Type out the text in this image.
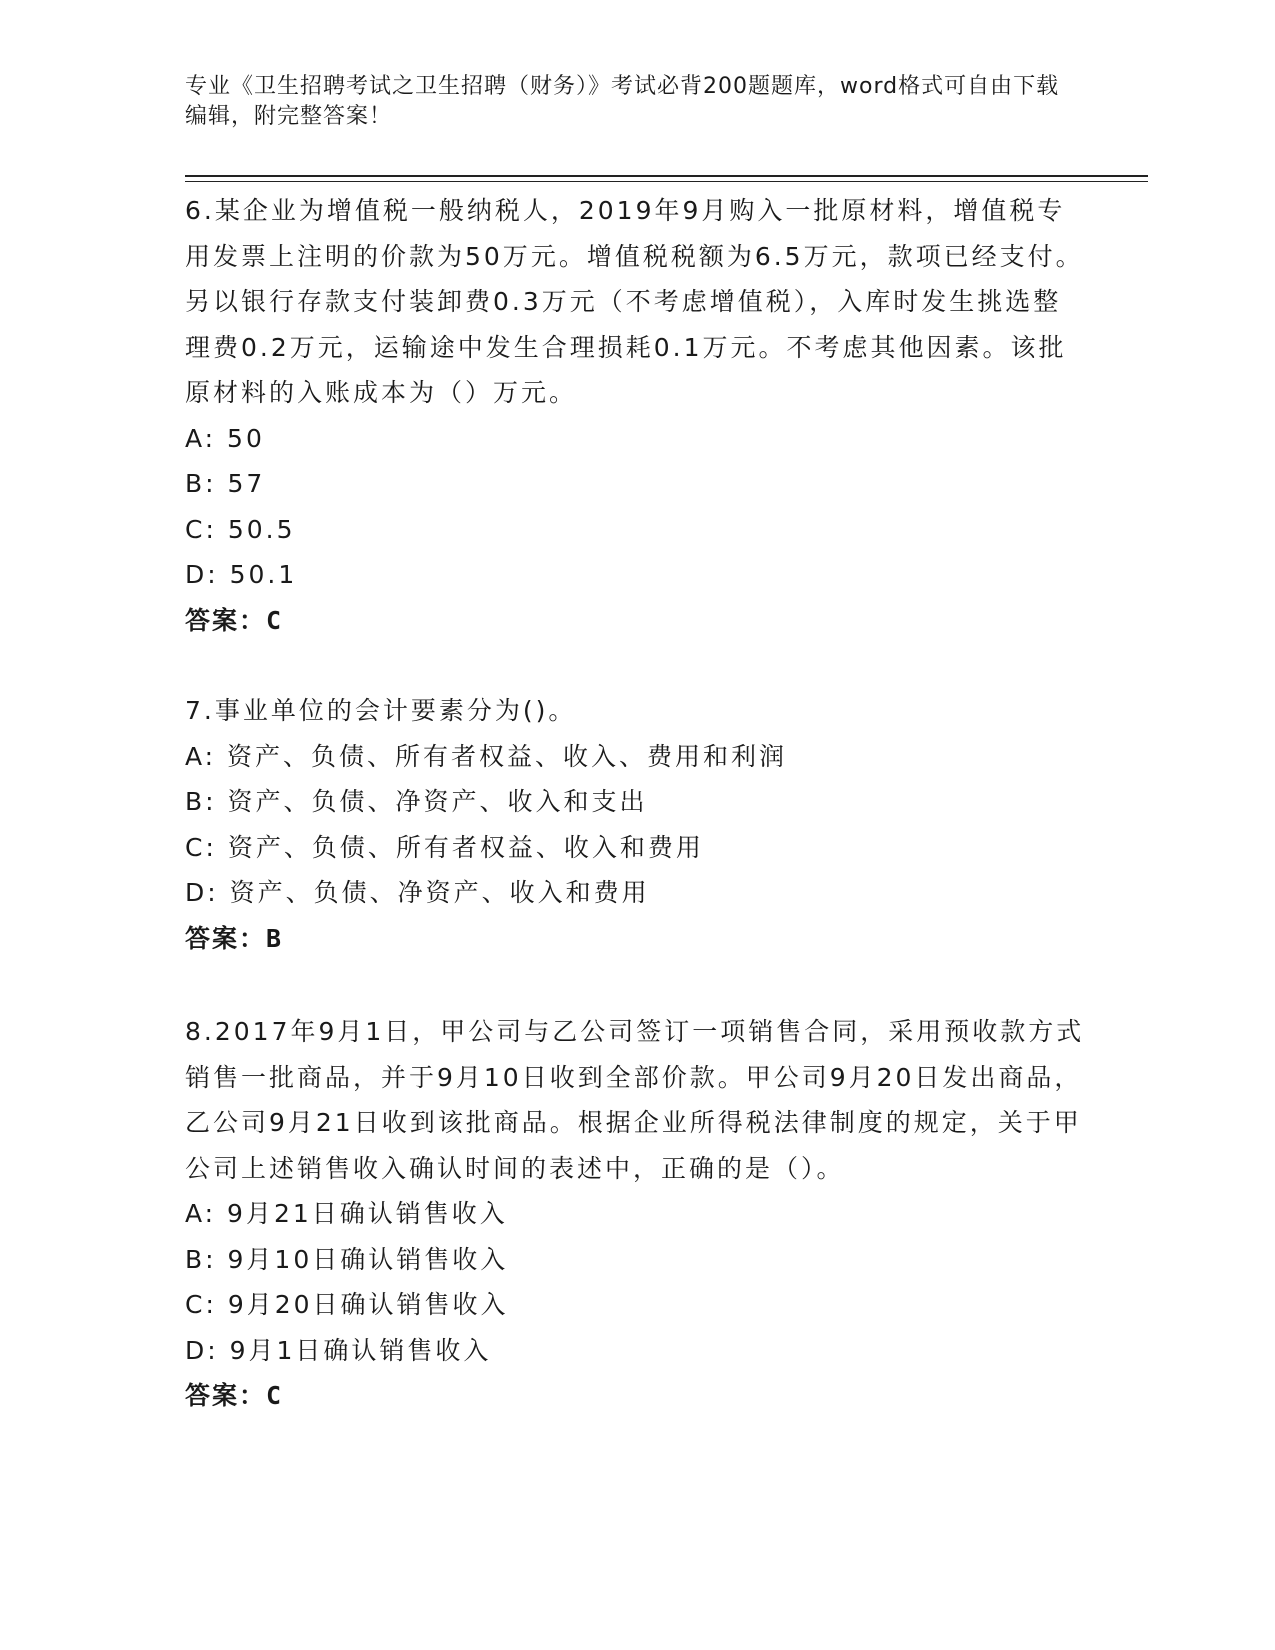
专业《卫生招聘考试之卫生招聘（财务）》考试必背200题题库，word格式可自由下载编辑，附完整答案！

6.某企业为增值税一般纳税人，2019年9月购入一批原材料，增值税专用发票上注明的价款为50万元。增值税税额为6.5万元，款项已经支付。另以银行存款支付装卸费0.3万元（不考虑增值税），入库时发生挑选整理费0.2万元，运输途中发生合理损耗0.1万元。不考虑其他因素。该批原材料的入账成本为（）万元。

A: 50

B: 57

C: 50.5

D: 50.1

答案：C

7.事业单位的会计要素分为()。

A: 资产、负债、所有者权益、收入、费用和利润

B: 资产、负债、净资产、收入和支出

C: 资产、负债、所有者权益、收入和费用

D: 资产、负债、净资产、收入和费用

答案：B

8.2017年9月1日，甲公司与乙公司签订一项销售合同，采用预收款方式销售一批商品，并于9月10日收到全部价款。甲公司9月20日发出商品，乙公司9月21日收到该批商品。根据企业所得税法律制度的规定，关于甲公司上述销售收入确认时间的表述中，正确的是（）。

A: 9月21日确认销售收入

B: 9月10日确认销售收入

C: 9月20日确认销售收入

D: 9月1日确认销售收入

答案：C
